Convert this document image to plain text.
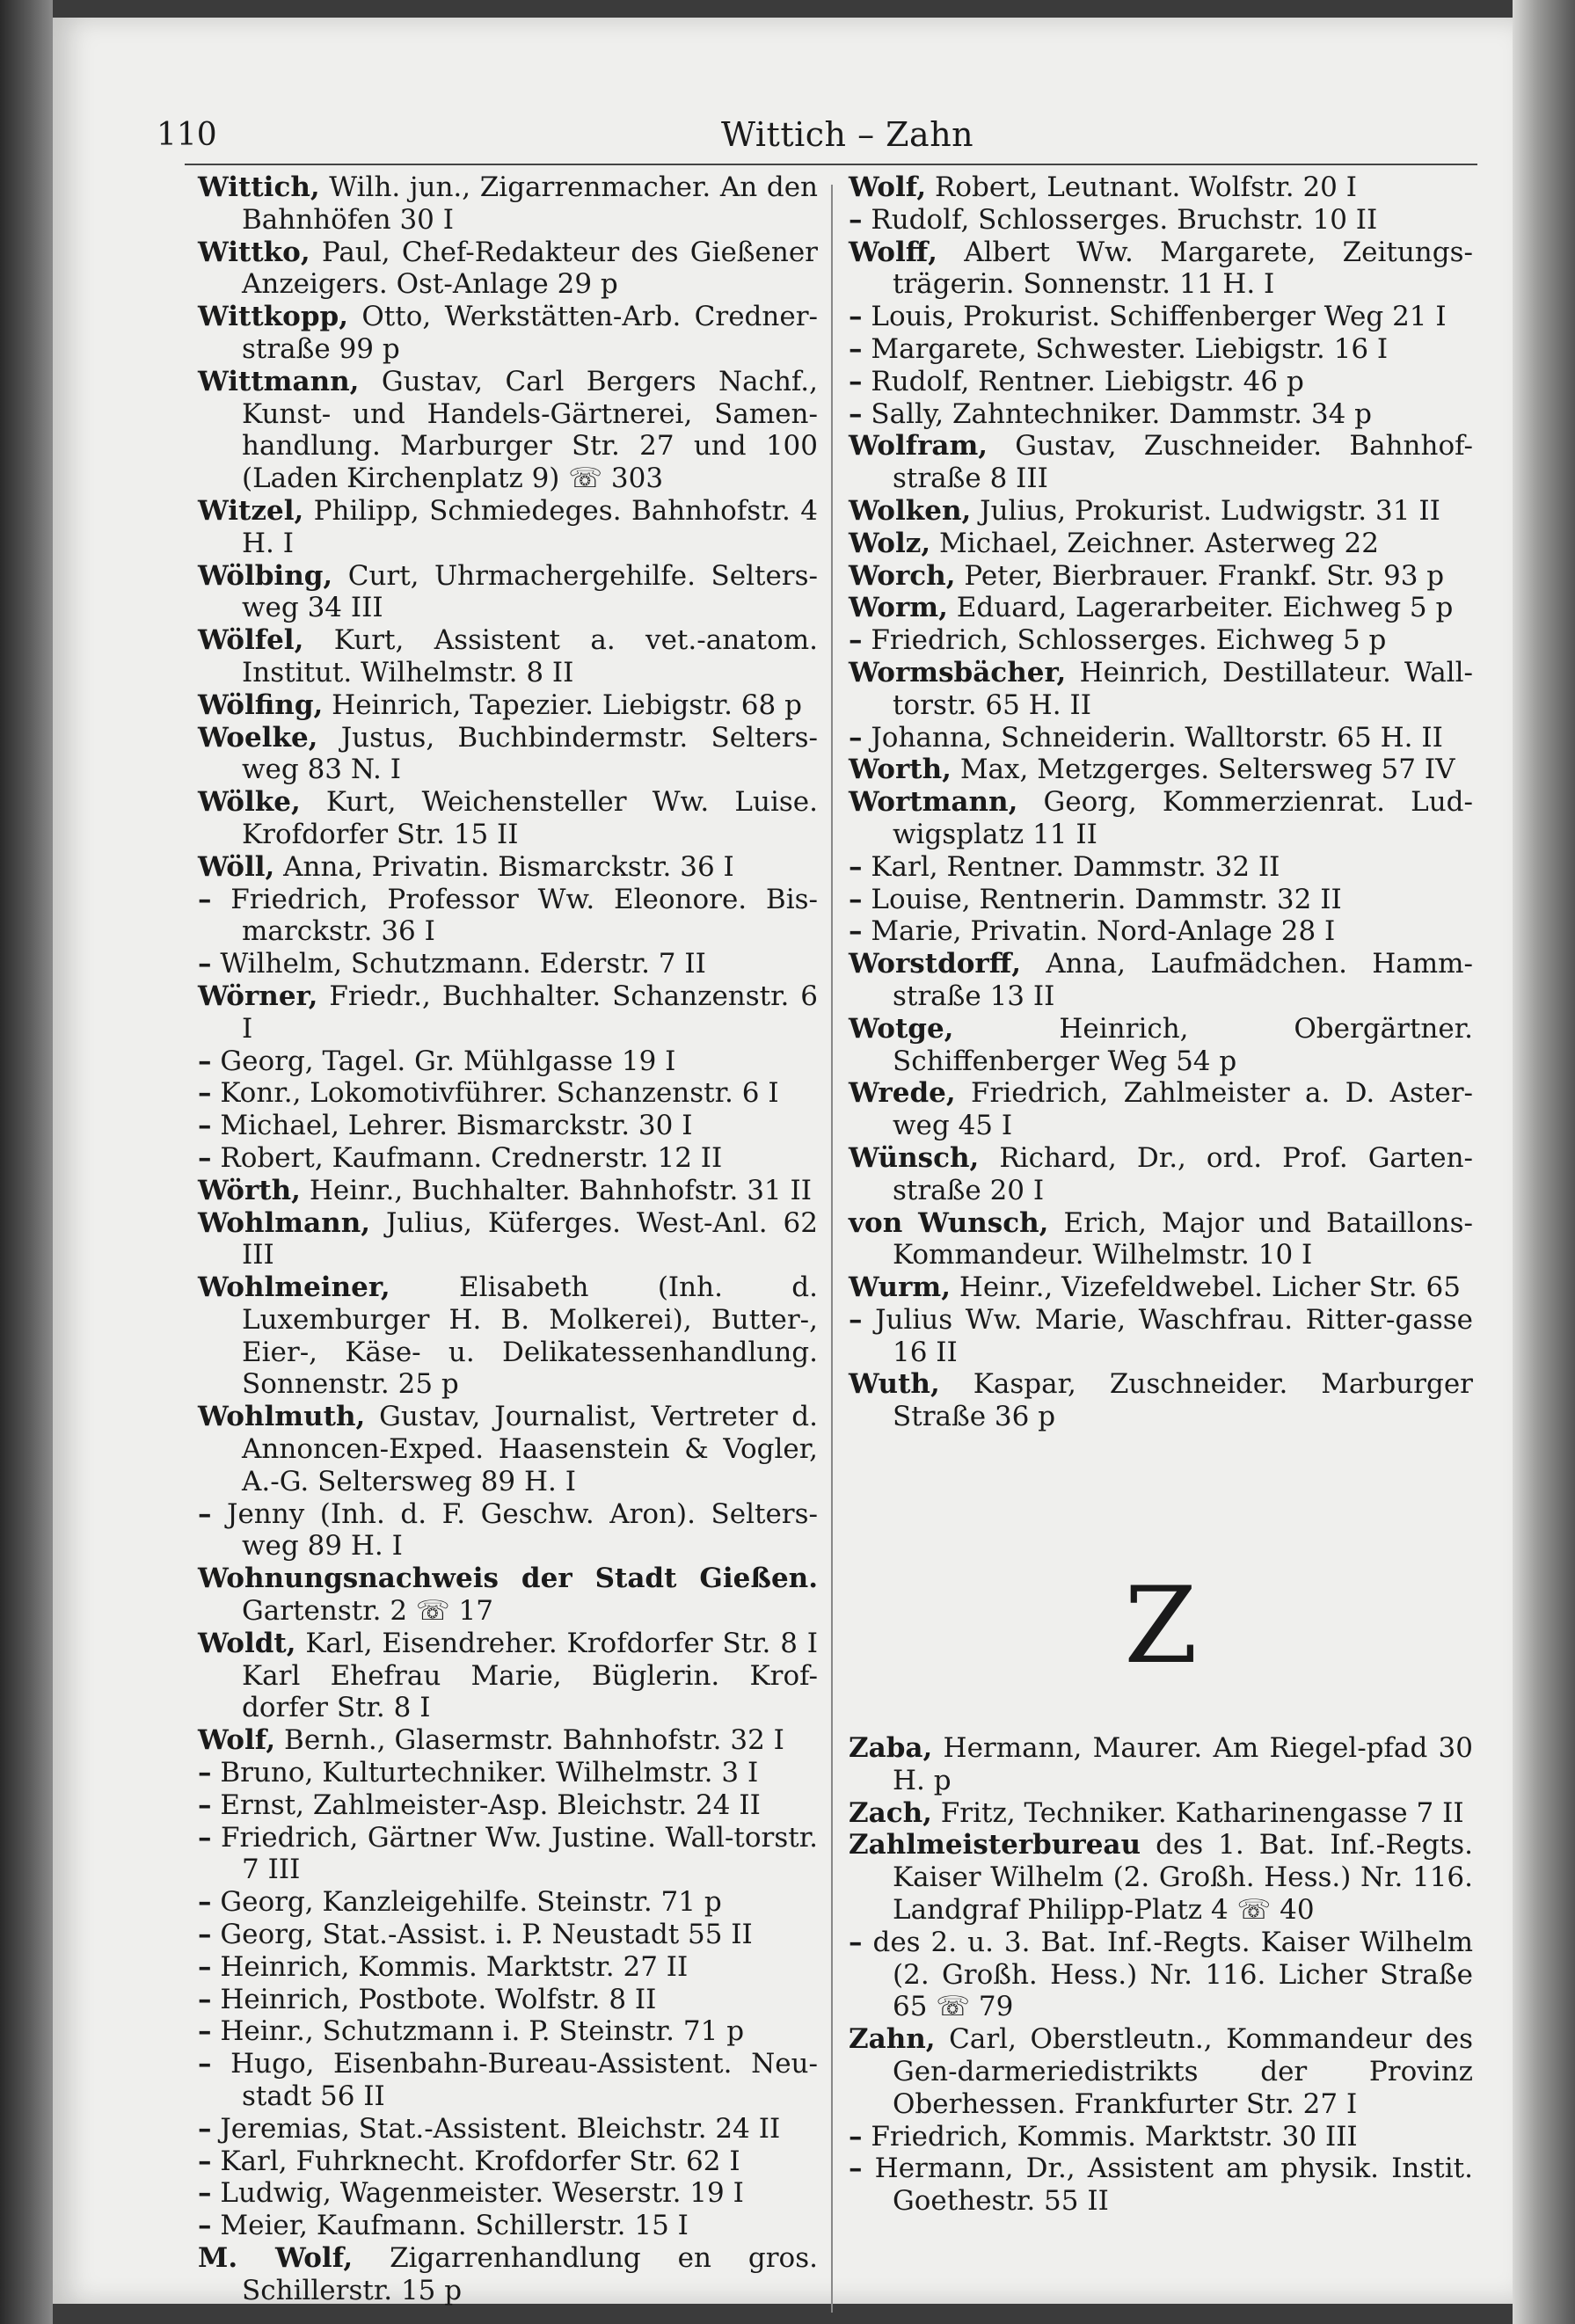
110	Wittich – Zahn

Wittich, Wilh. jun., Zigarrenmacher. An den Bahnhöfen 30 I

Wittko, Paul, Chef-Redakteur des Gießener Anzeigers. Ost-Anlage 29 p

Wittkopp, Otto, Werkstätten-Arb. Credner-straße 99 p

Wittmann, Gustav, Carl Bergers Nachf., Kunst- und Handels-Gärtnerei, Samen-handlung. Marburger Str. 27 und 100 (Laden Kirchenplatz 9) ☏ 303

Witzel, Philipp, Schmiedeges. Bahnhofstr. 4 H. I

Wölbing, Curt, Uhrmachergehilfe. Selters-weg 34 III

Wölfel, Kurt, Assistent a. vet.-anatom. Institut. Wilhelmstr. 8 II

Wölfing, Heinrich, Tapezier. Liebigstr. 68 p

Woelke, Justus, Buchbindermstr. Selters-weg 83 N. I

Wölke, Kurt, Weichensteller Ww. Luise. Krofdorfer Str. 15 II

Wöll, Anna, Privatin. Bismarckstr. 36 I

– Friedrich, Professor Ww. Eleonore. Bis-marckstr. 36 I

– Wilhelm, Schutzmann. Ederstr. 7 II

Wörner, Friedr., Buchhalter. Schanzenstr. 6 I

– Georg, Tagel. Gr. Mühlgasse 19 I

– Konr., Lokomotivführer. Schanzenstr. 6 I

– Michael, Lehrer. Bismarckstr. 30 I

– Robert, Kaufmann. Crednerstr. 12 II

Wörth, Heinr., Buchhalter. Bahnhofstr. 31 II

Wohlmann, Julius, Küferges. West-Anl. 62 III

Wohlmeiner,	Elisabeth (Inh. d. Luxemburger H. B. Molkerei), Butter-, Eier-, Käse- u. Delikatessenhandlung. Sonnenstr. 25 p

Wohlmuth, Gustav, Journalist, Vertreter d. Annoncen-Exped. Haasenstein & Vogler, A.-G. Seltersweg 89 H. I

– Jenny (Inh. d. F. Geschw. Aron). Selters-weg 89 H. I

Wohnungsnachweis der Stadt Gießen. Gartenstr. 2 ☏ 17

Woldt, Karl, Eisendreher. Krofdorfer Str. 8 I Karl Ehefrau Marie, Büglerin. Krof-dorfer Str. 8 I

Wolf, Bernh., Glasermstr. Bahnhofstr. 32 I

– Bruno, Kulturtechniker. Wilhelmstr. 3 I

– Ernst, Zahlmeister-Asp. Bleichstr. 24 II

– Friedrich, Gärtner Ww. Justine. Wall-torstr. 7 III

– Georg, Kanzleigehilfe. Steinstr. 71 p

– Georg, Stat.-Assist. i. P. Neustadt 55 II

– Heinrich, Kommis. Marktstr. 27 II

– Heinrich, Postbote. Wolfstr. 8 II

– Heinr., Schutzmann i. P. Steinstr. 71 p

– Hugo, Eisenbahn-Bureau-Assistent. Neu-stadt 56 II

– Jeremias, Stat.-Assistent. Bleichstr. 24 II

– Karl, Fuhrknecht. Krofdorfer Str. 62 I

– Ludwig, Wagenmeister. Weserstr. 19 I

– Meier, Kaufmann. Schillerstr. 15 I

M. Wolf, Zigarrenhandlung en gros. Schillerstr. 15 p

Wolf, Robert, Leutnant. Wolfstr. 20 I

– Rudolf, Schlosserges. Bruchstr. 10 II

Wolff, Albert Ww. Margarete, Zeitungs-trägerin. Sonnenstr. 11 H. I

– Louis, Prokurist. Schiffenberger Weg 21 I

– Margarete, Schwester. Liebigstr. 16 I

– Rudolf, Rentner. Liebigstr. 46 p

– Sally, Zahntechniker. Dammstr. 34 p

Wolfram, Gustav, Zuschneider. Bahnhof-straße 8 III

Wolken, Julius, Prokurist. Ludwigstr. 31 II

Wolz, Michael, Zeichner. Asterweg 22

Worch, Peter, Bierbrauer. Frankf. Str. 93 p

Worm, Eduard, Lagerarbeiter. Eichweg 5 p

– Friedrich, Schlosserges. Eichweg 5 p

Wormsbächer, Heinrich, Destillateur. Wall-torstr. 65 H. II

– Johanna, Schneiderin. Walltorstr. 65 H. II

Worth, Max, Metzgerges. Seltersweg 57 IV

Wortmann, Georg, Kommerzienrat. Lud-wigsplatz 11 II

– Karl, Rentner. Dammstr. 32 II

– Louise, Rentnerin. Dammstr. 32 II

– Marie, Privatin. Nord-Anlage 28 I

Worstdorff, Anna, Laufmädchen. Hamm-straße 13 II

Wotge,	Heinrich, Obergärtner. Schiffenberger Weg 54 p

Wrede, Friedrich, Zahlmeister a. D. Aster-weg 45 I

Wünsch, Richard, Dr., ord. Prof. Garten-straße 20 I

von Wunsch, Erich, Major und Bataillons-Kommandeur. Wilhelmstr. 10 I

Wurm, Heinr., Vizefeldwebel. Licher Str. 65

– Julius Ww. Marie, Waschfrau. Ritter-gasse 16 II

Wuth, Kaspar, Zuschneider. Marburger Straße 36 p

Z

Zaba, Hermann, Maurer. Am Riegel-pfad 30 H. p

Zach, Fritz, Techniker. Katharinengasse 7 II

Zahlmeisterbureau des 1. Bat. Inf.-Regts. Kaiser Wilhelm (2. Großh. Hess.) Nr. 116. Landgraf Philipp-Platz 4 ☏ 40

– des 2. u. 3. Bat. Inf.-Regts. Kaiser Wilhelm (2. Großh. Hess.) Nr. 116. Licher Straße 65 ☏ 79

Zahn, Carl, Oberstleutn., Kommandeur des Gen-darmeriedistrikts der Provinz Oberhessen. Frankfurter Str. 27 I

– Friedrich, Kommis. Marktstr. 30 III

– Hermann, Dr., Assistent am physik. Instit. Goethestr. 55 II
